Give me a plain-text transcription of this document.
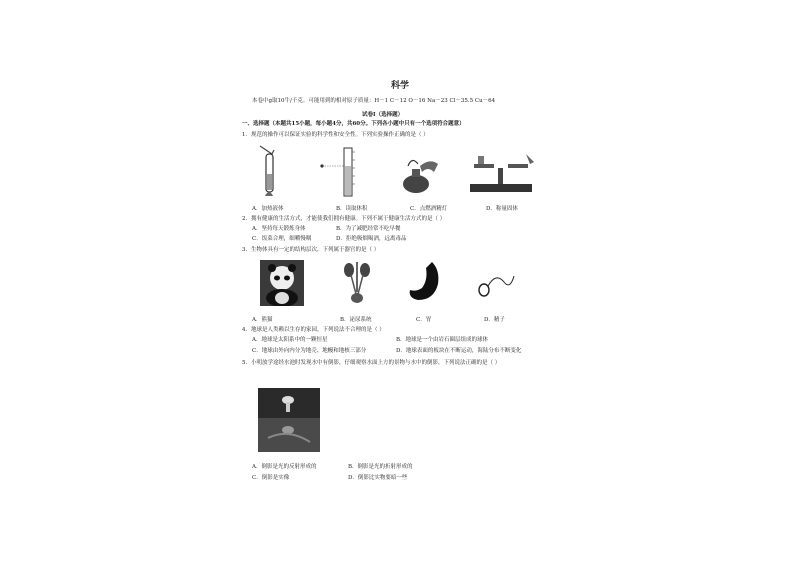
科学
本卷中g取10牛/千克。可能用到的相对原子质量：H－1 C－12 O－16 Na－23 Cl－35.5 Cu－64
试卷Ⅰ（选择题）
一、选择题（本题共15小题，每小题4分，共60分。下列各小题中只有一个选项符合题意）
1．规范的操作可以保证实验的科学性和安全性。下列实验操作正确的是（ ）
A．加热液体	B．读取体积	C．点燃酒精灯	D．称量固体
2．拥有健康的生活方式，才能使我们拥有健康。下列不属于健康生活方式的是（ ）
A．坚持每天锻炼身体	B．为了减肥经常不吃早餐
C．饭菜合理，细嚼慢咽	D．拒绝吸烟喝酒，远离毒品
3．生物体具有一定的结构层次，下列属于器官的是（ ）
A．熊猫	B．泌尿系统	C．胃	D．精子
4．地球是人类赖以生存的家园，下列说法不合理的是（ ）
A．地球是太阳系中的一颗恒星	B．地球是一个由岩石圈层组成的球体
C．地球由外向内分为地壳、地幔和地核三部分	D．地球表面的板块在不断运动，海陆分布不断变化
5．小明放学途经水池时发现水中有倒影，仔细观察水面上方的景物与水中的倒影，下列说法正确的是（ ）
A．倒影是光的反射形成的	B．倒影是光的折射形成的
C．倒影是实像	D．倒影比实物要暗一些
